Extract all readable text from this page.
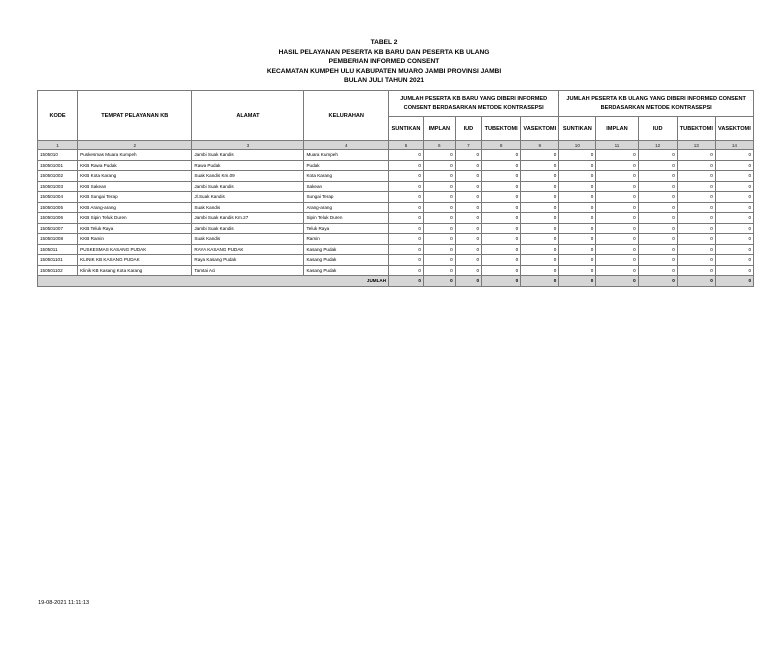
TABEL 2
HASIL PELAYANAN PESERTA KB BARU DAN PESERTA KB ULANG
PEMBERIAN INFORMED CONSENT
KECAMATAN KUMPEH ULU KABUPATEN MUARO JAMBI PROVINSI JAMBI
BULAN JULI TAHUN 2021
KODE	TEMPAT PELAYANAN KB	ALAMAT	KELURAHAN	JUMLAH PESERTA KB BARU YANG DIBERI INFORMED CONSENT BERDASARKAN METODE KONTRASEPSI					JUMLAH PESERTA KB ULANG YANG DIBERI INFORMED CONSENT BERDASARKAN METODE KONTRASEPSI				
				SUNTIKAN	IMPLAN	IUD	TUBEKTOMI	VASEKTOMI	SUNTIKAN	IMPLAN	IUD	TUBEKTOMI	VASEKTOMI
1	2	3	4	5	6	7	8	9	10	11	12	13	14
1505010	Puskesmas Muara Kumpeh	Jambi Suak Kandis	Muara Kumpeh	0	0	0	0	0	0	0	0	0	0
150501001	KKB Rawa Pudak	Rawa Pudak	Pudak	0	0	0	0	0	0	0	0	0	0
150501002	KKB Kota Karang	Suak Kandis Km.09	Kota Karang	0	0	0	0	0	0	0	0	0	0
150501003	KKB Sakean	Jambi Suak Kandis	Sakean	0	0	0	0	0	0	0	0	0	0
150501004	KKB Sungai Terap	Jl.Suak Kandis	Sungai Terap	0	0	0	0	0	0	0	0	0	0
150501005	KKB Arang-arang	Suak Kandis	Arang-arang	0	0	0	0	0	0	0	0	0	0
150501006	KKB Sipin Teluk Duren	Jambi Suak Kandis Km.27	Sipin Teluk Duren	0	0	0	0	0	0	0	0	0	0
150501007	KKB Teluk Raya	Jambi Suak Kandis	Teluk Raya	0	0	0	0	0	0	0	0	0	0
150501008	KKB Ramin	Suak Kandis	Ramin	0	0	0	0	0	0	0	0	0	0
1505011	PUSKESMAS KASANG PUDAK	RAYA KASANG PUDAK	Kasang Pudak	0	0	0	0	0	0	0	0	0	0
150501101	KLINIK KB KASANG PUDAK	Raya Kasang Pudak	Kasang Pudak	0	0	0	0	0	0	0	0	0	0
150501102	Klinik KB Kasang Kota Karang	Tamtai Aci	Kasang Pudak	0	0	0	0	0	0	0	0	0	0
JUMLAH				0	0	0	0	0	0	0	0	0	0
19-08-2021 11:11:13
